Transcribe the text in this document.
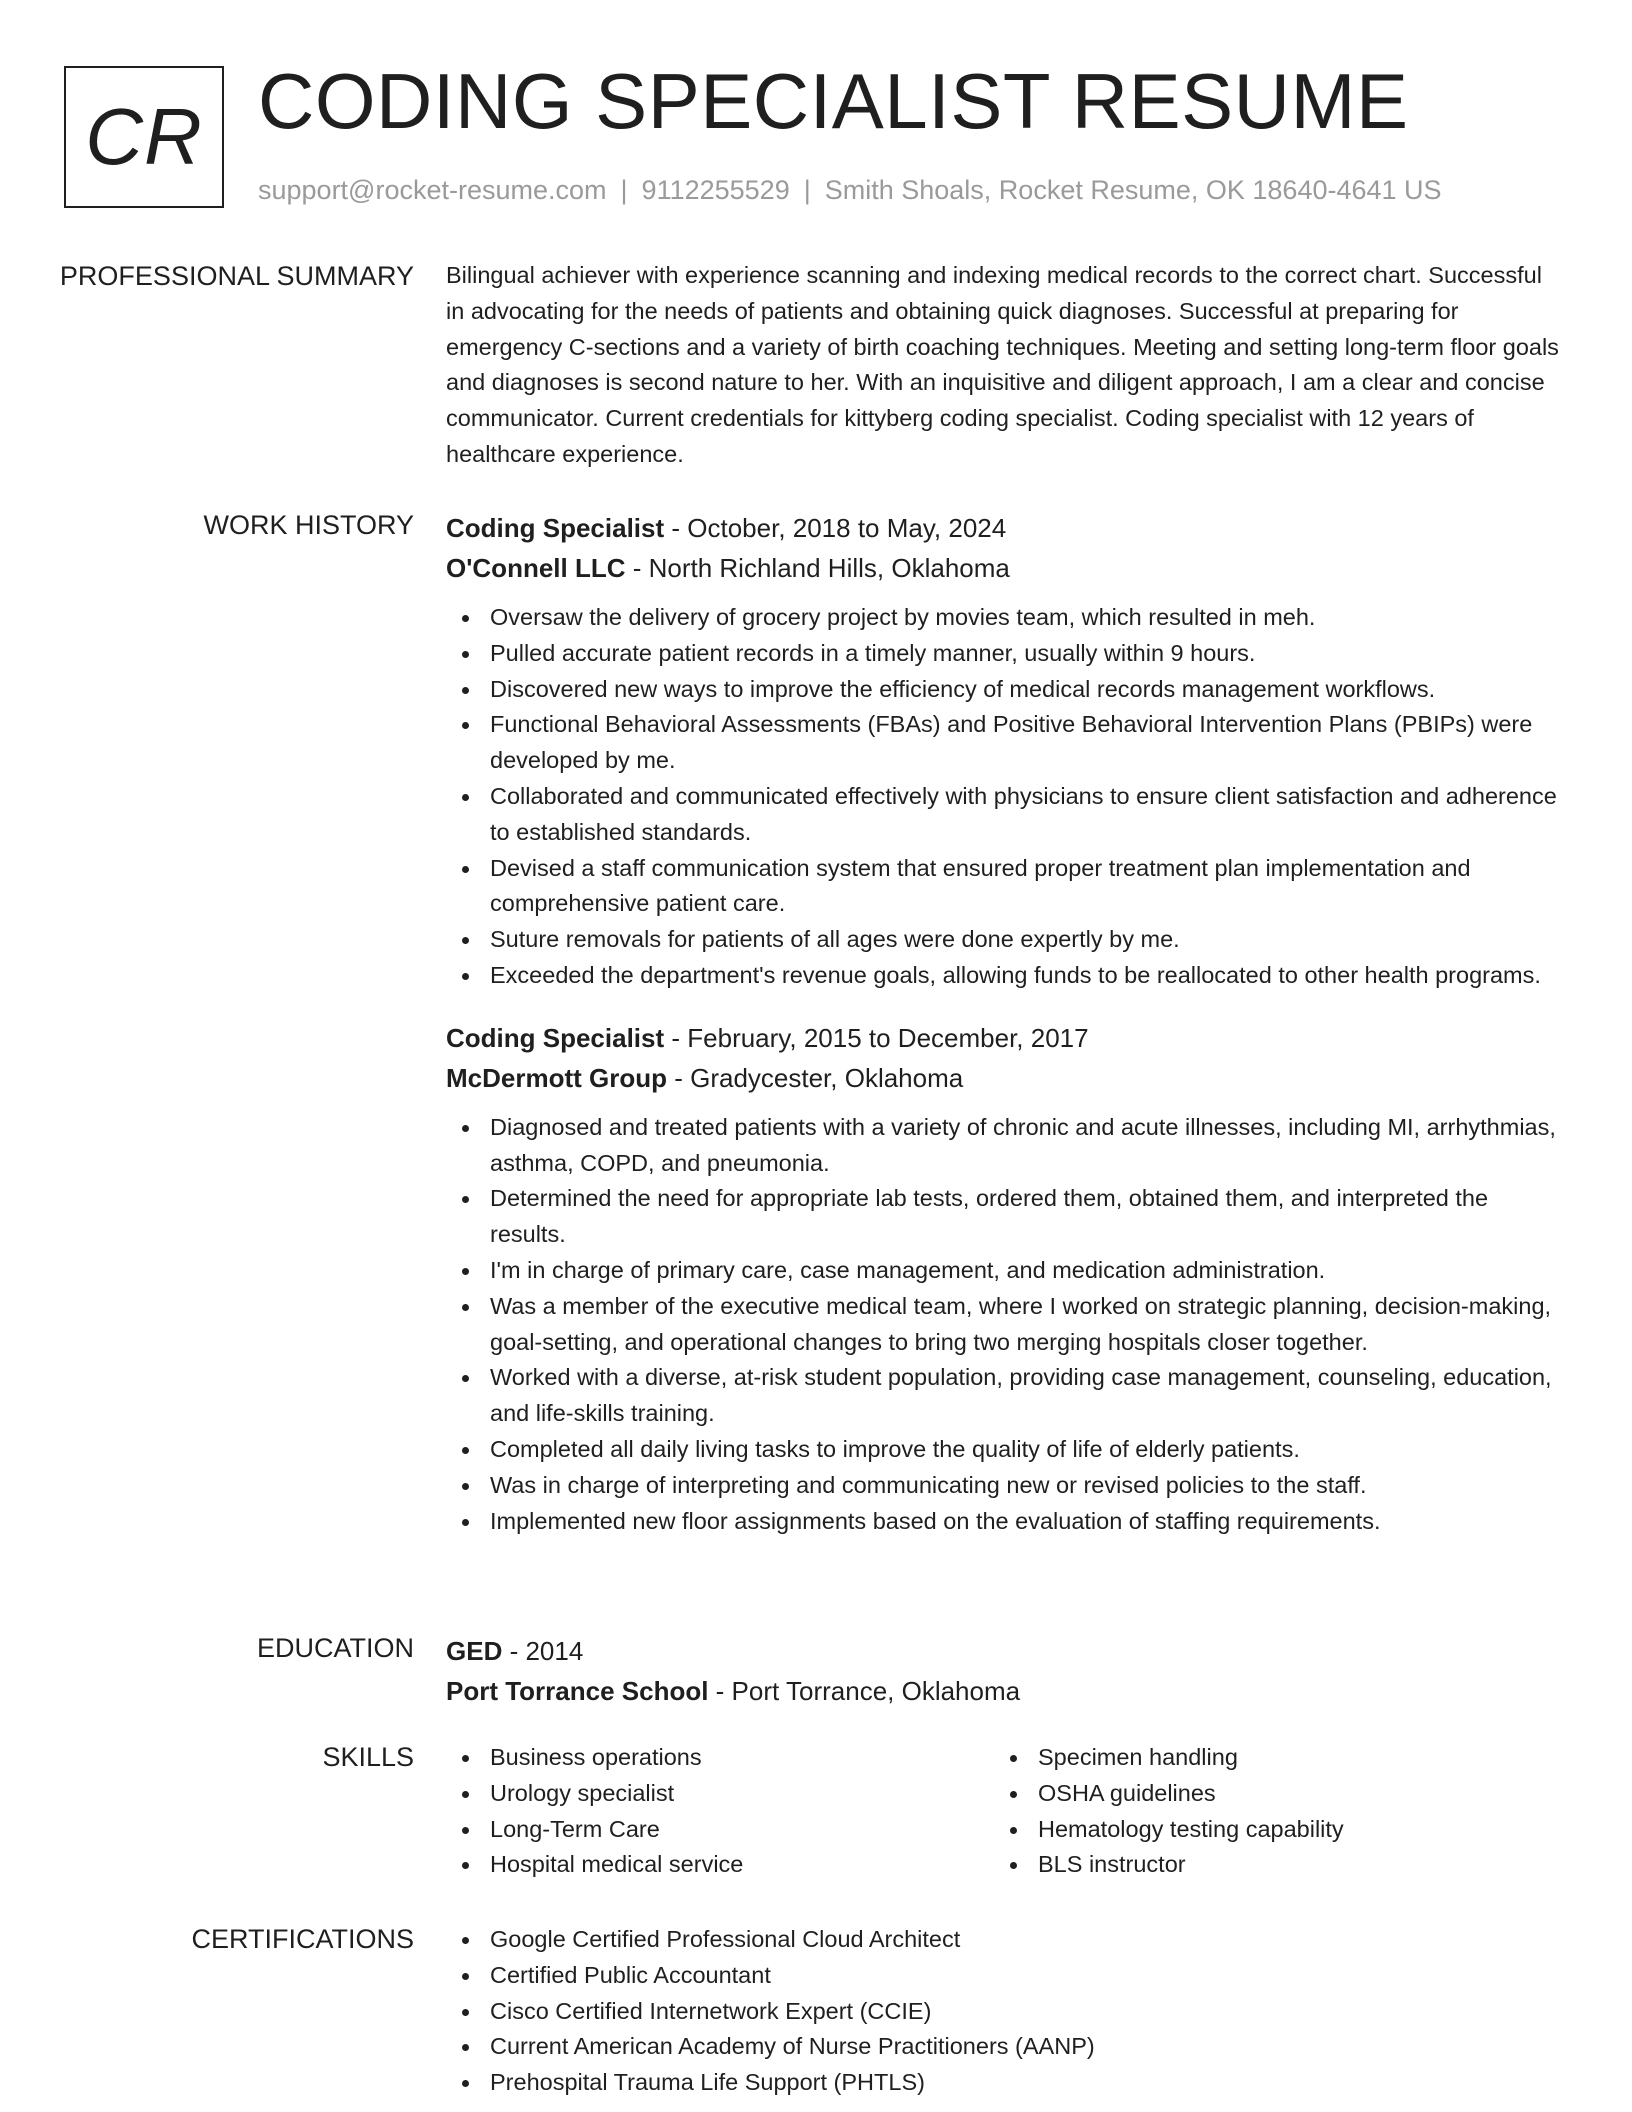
CR CODING SPECIALIST RESUME
support@rocket-resume.com | 9112255529 | Smith Shoals, Rocket Resume, OK 18640-4641 US
PROFESSIONAL SUMMARY Bilingual achiever with experience scanning and indexing medical records to the correct chart. Successful in advocating for the needs of patients and obtaining quick diagnoses. Successful at preparing for emergency C-sections and a variety of birth coaching techniques. Meeting and setting long-term floor goals and diagnoses is second nature to her. With an inquisitive and diligent approach, I am a clear and concise communicator. Current credentials for kittyberg coding specialist. Coding specialist with 12 years of healthcare experience.

WORK HISTORY Coding Specialist - October, 2018 to May, 2024
O'Connell LLC - North Richland Hills, Oklahoma
Oversaw the delivery of grocery project by movies team, which resulted in meh.
Pulled accurate patient records in a timely manner, usually within 9 hours.
Discovered new ways to improve the efficiency of medical records management workflows.
Functional Behavioral Assessments (FBAs) and Positive Behavioral Intervention Plans (PBIPs) were developed by me.
Collaborated and communicated effectively with physicians to ensure client satisfaction and adherence to established standards.
Devised a staff communication system that ensured proper treatment plan implementation and comprehensive patient care.
Suture removals for patients of all ages were done expertly by me.
Exceeded the department's revenue goals, allowing funds to be reallocated to other health programs.
Coding Specialist - February, 2015 to December, 2017
McDermott Group - Gradycester, Oklahoma
Diagnosed and treated patients with a variety of chronic and acute illnesses, including MI, arrhythmias, asthma, COPD, and pneumonia.
Determined the need for appropriate lab tests, ordered them, obtained them, and interpreted the results.
I'm in charge of primary care, case management, and medication administration.
Was a member of the executive medical team, where I worked on strategic planning, decision-making, goal-setting, and operational changes to bring two merging hospitals closer together.
Worked with a diverse, at-risk student population, providing case management, counseling, education, and life-skills training.
Completed all daily living tasks to improve the quality of life of elderly patients.
Was in charge of interpreting and communicating new or revised policies to the staff.
Implemented new floor assignments based on the evaluation of staffing requirements.
EDUCATION GED - 2014
Port Torrance School - Port Torrance, Oklahoma
SKILLS	Business operations
Urology specialist
Long-Term Care
Hospital medical service
Specimen handling
OSHA guidelines
Hematology testing capability
BLS instructor
CERTIFICATIONS	Google Certified Professional Cloud Architect
Certified Public Accountant
Cisco Certified Internetwork Expert (CCIE)
Current American Academy of Nurse Practitioners (AANP)
Prehospital Trauma Life Support (PHTLS)
